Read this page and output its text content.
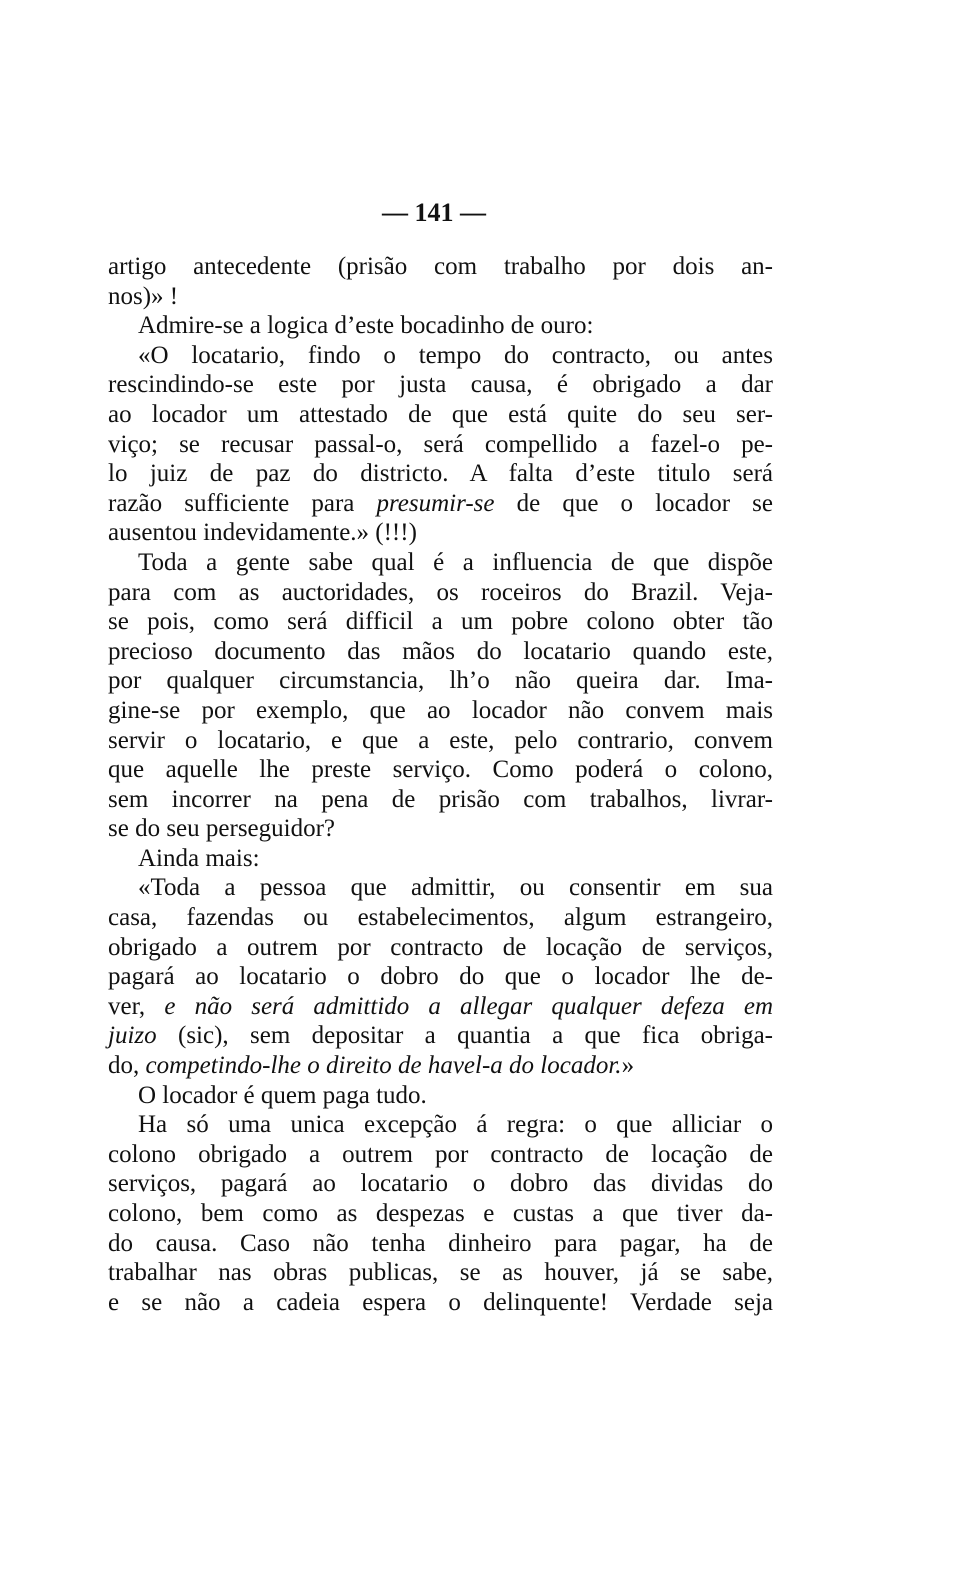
— 141 —
artigo antecedente (prisão com trabalho por dois an-
nos)» !
Admire-se a logica d’este bocadinho de ouro:
«O locatario, findo o tempo do contracto, ou antes
rescindindo-se este por justa causa, é obrigado a dar
ao locador um attestado de que está quite do seu ser-
viço; se recusar passal-o, será compellido a fazel-o pe-
lo juiz de paz do districto. A falta d’este titulo será
razão sufficiente para presumir-se de que o locador se
ausentou indevidamente.» (!!!)
Toda a gente sabe qual é a influencia de que dispõe
para com as auctoridades, os roceiros do Brazil. Veja-
se pois, como será difficil a um pobre colono obter tão
precioso documento das mãos do locatario quando este,
por qualquer circumstancia, lh’o não queira dar. Ima-
gine-se por exemplo, que ao locador não convem mais
servir o locatario, e que a este, pelo contrario, convem
que aquelle lhe preste serviço. Como poderá o colono,
sem incorrer na pena de prisão com trabalhos, livrar-
se do seu perseguidor?
Ainda mais:
«Toda a pessoa que admittir, ou consentir em sua
casa, fazendas ou estabelecimentos, algum estrangeiro,
obrigado a outrem por contracto de locação de serviços,
pagará ao locatario o dobro do que o locador lhe de-
ver, e não será admittido a allegar qualquer defeza em
juizo (sic), sem depositar a quantia a que fica obriga-
do, competindo-lhe o direito de havel-a do locador.»
O locador é quem paga tudo.
Ha só uma unica excepção á regra: o que alliciar o
colono obrigado a outrem por contracto de locação de
serviços, pagará ao locatario o dobro das dividas do
colono, bem como as despezas e custas a que tiver da-
do causa. Caso não tenha dinheiro para pagar, ha de
trabalhar nas obras publicas, se as houver, já se sabe,
e se não a cadeia espera o delinquente! Verdade seja
